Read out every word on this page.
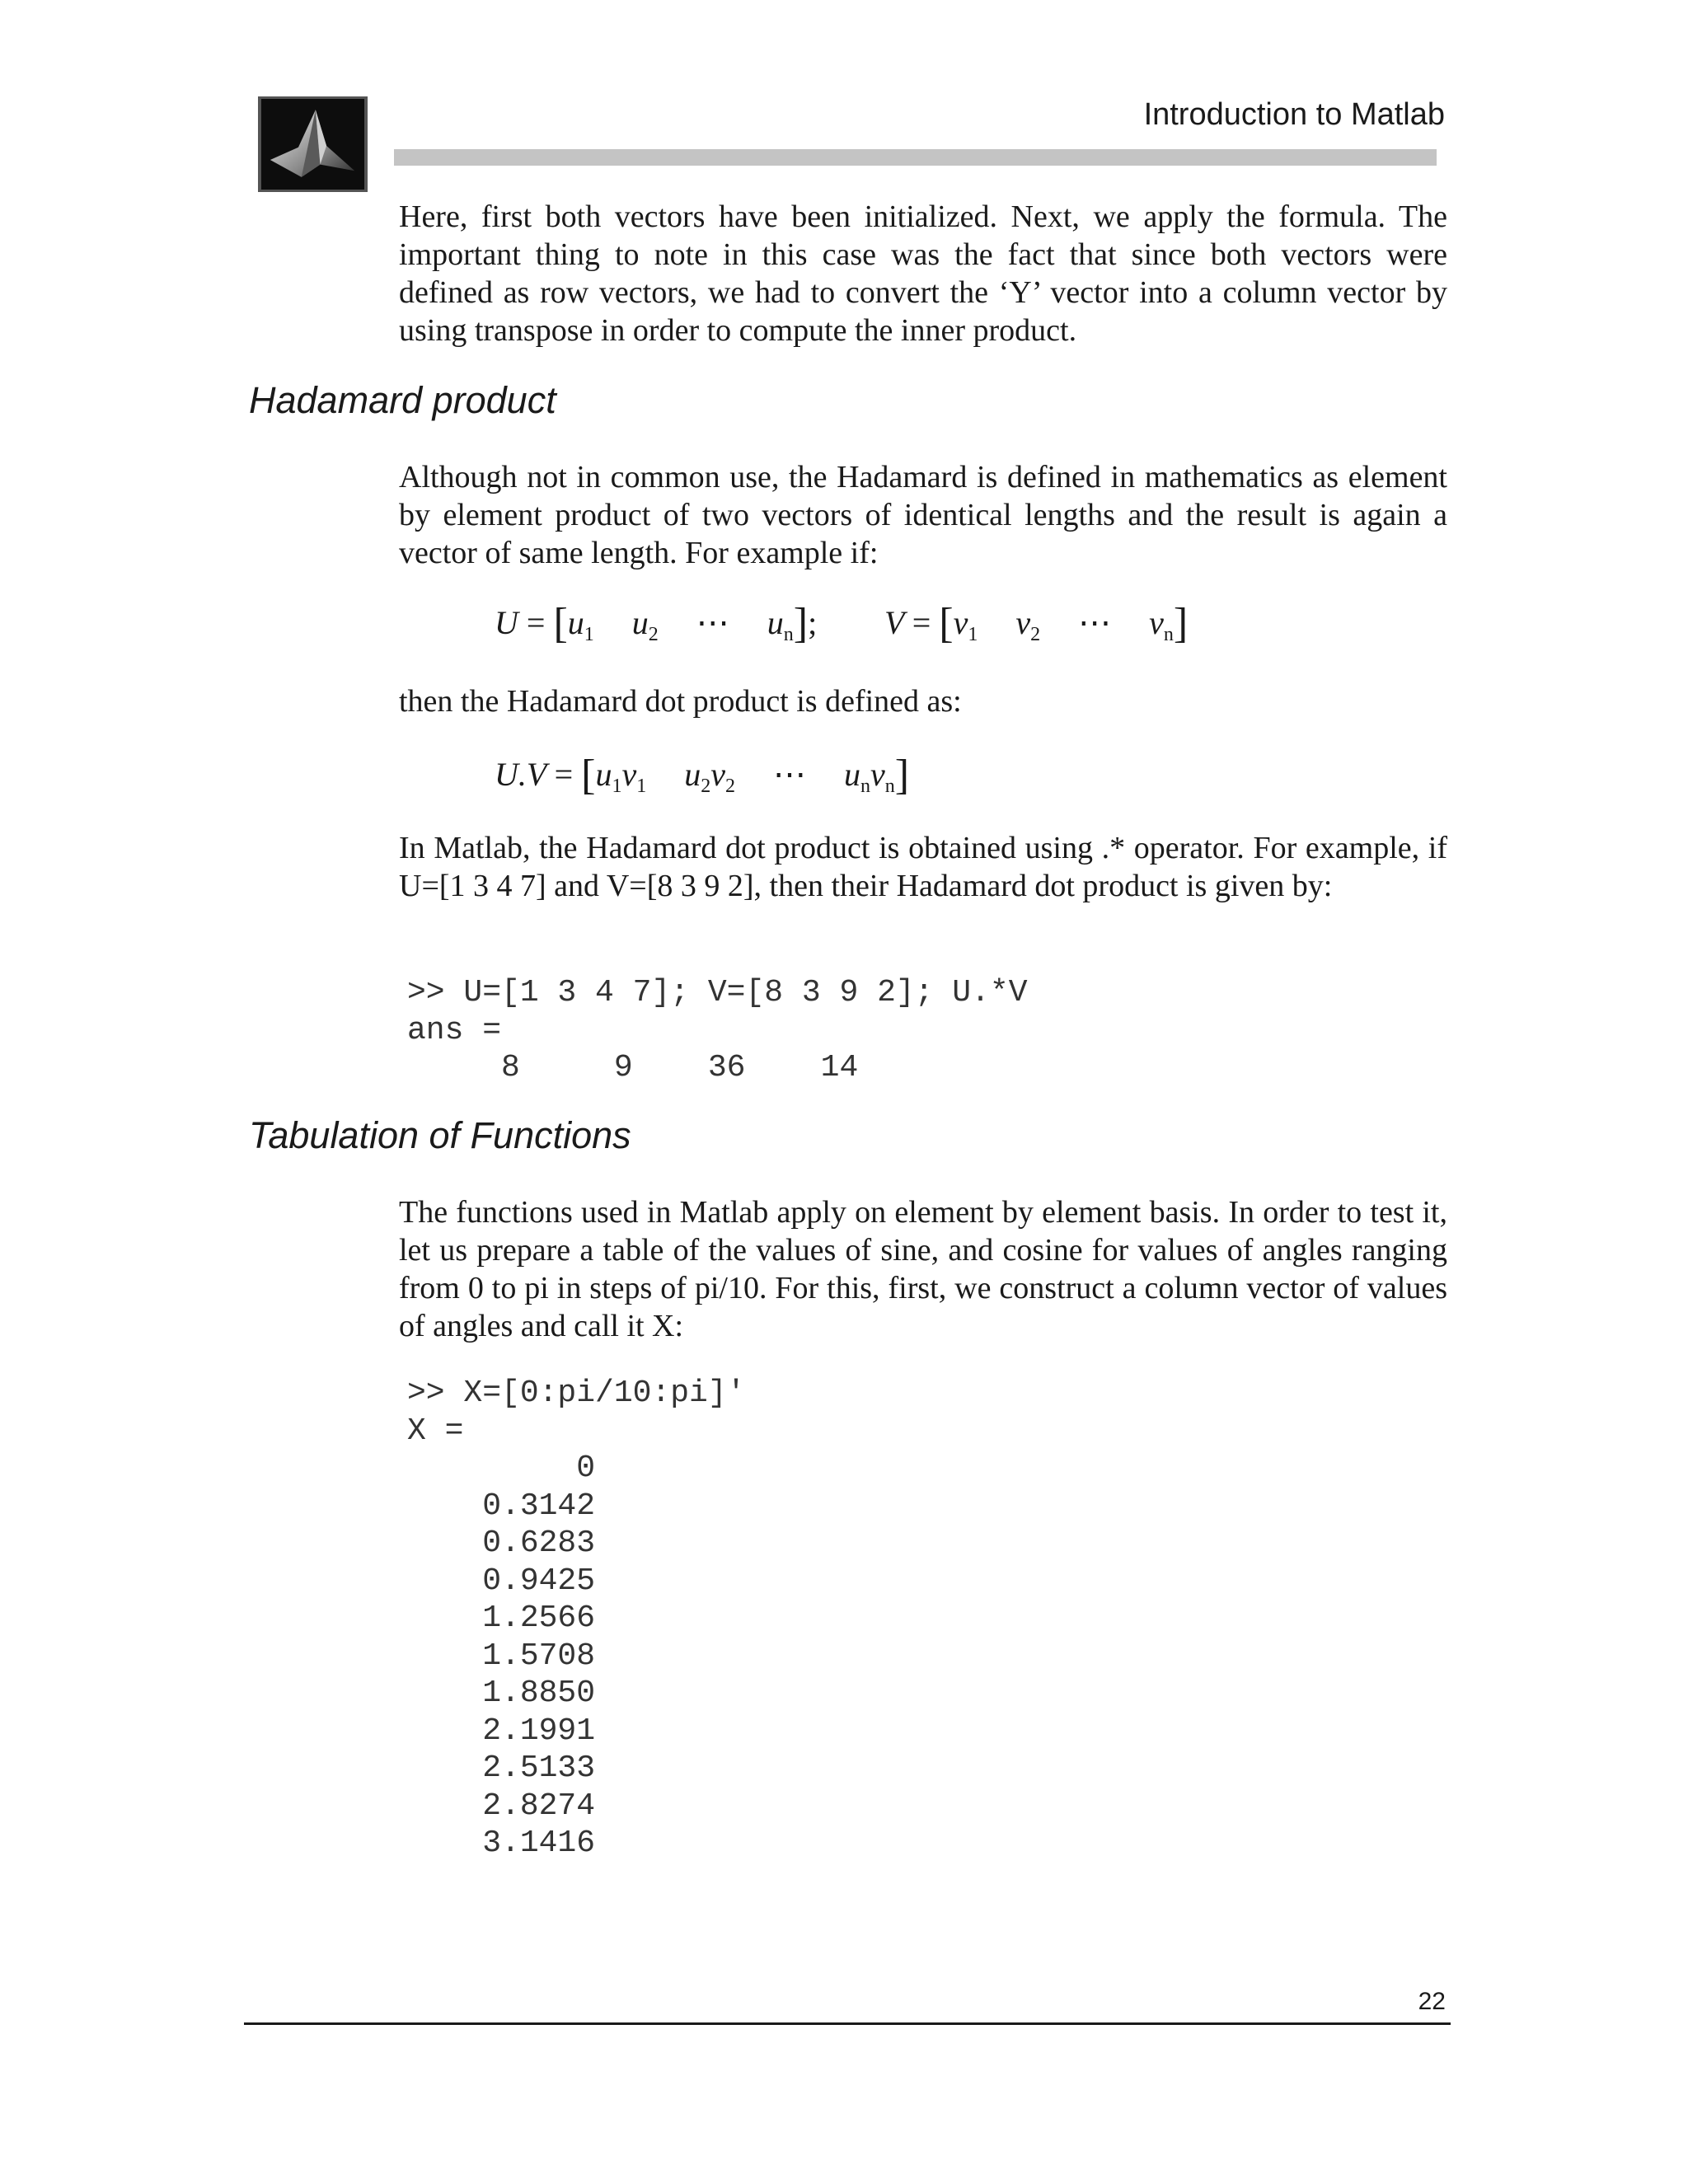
Introduction to Matlab

Here, first both vectors have been initialized. Next, we apply the formula. The important thing to note in this case was the fact that since both vectors were defined as row vectors, we had to convert the ‘Y’ vector into a column vector by using transpose in order to compute the inner product.

Hadamard product

Although not in common use, the Hadamard is defined in mathematics as element by element product of two vectors of identical lengths and the result is again a vector of same length. For example if:

$U = [u_1$ $u_2$ ⋯ $u_n$]; $V = [v_1$ $v_2$ ⋯ $v_n$]

then the Hadamard dot product is defined as:

$U.V = [u_1v_1$ $u_2v_2$ ⋯ $u_nv_n$]

In Matlab, the Hadamard dot product is obtained using .* operator. For example, if U=[1 3 4 7] and V=[8 3 9 2], then their Hadamard dot product is given by:

>> U=[1 3 4 7]; V=[8 3 9 2]; U.*V
ans =
8     9    36    14
Tabulation of Functions

The functions used in Matlab apply on element by element basis. In order to test it, let us prepare a table of the values of sine, and cosine for values of angles ranging from 0 to pi in steps of pi/10. For this, first, we construct a column vector of values of angles and call it X:

>> X=[0:pi/10:pi]'
X =
0
0.3142
0.6283
0.9425
1.2566
1.5708
1.8850
2.1991
2.5133
2.8274
3.1416
22
